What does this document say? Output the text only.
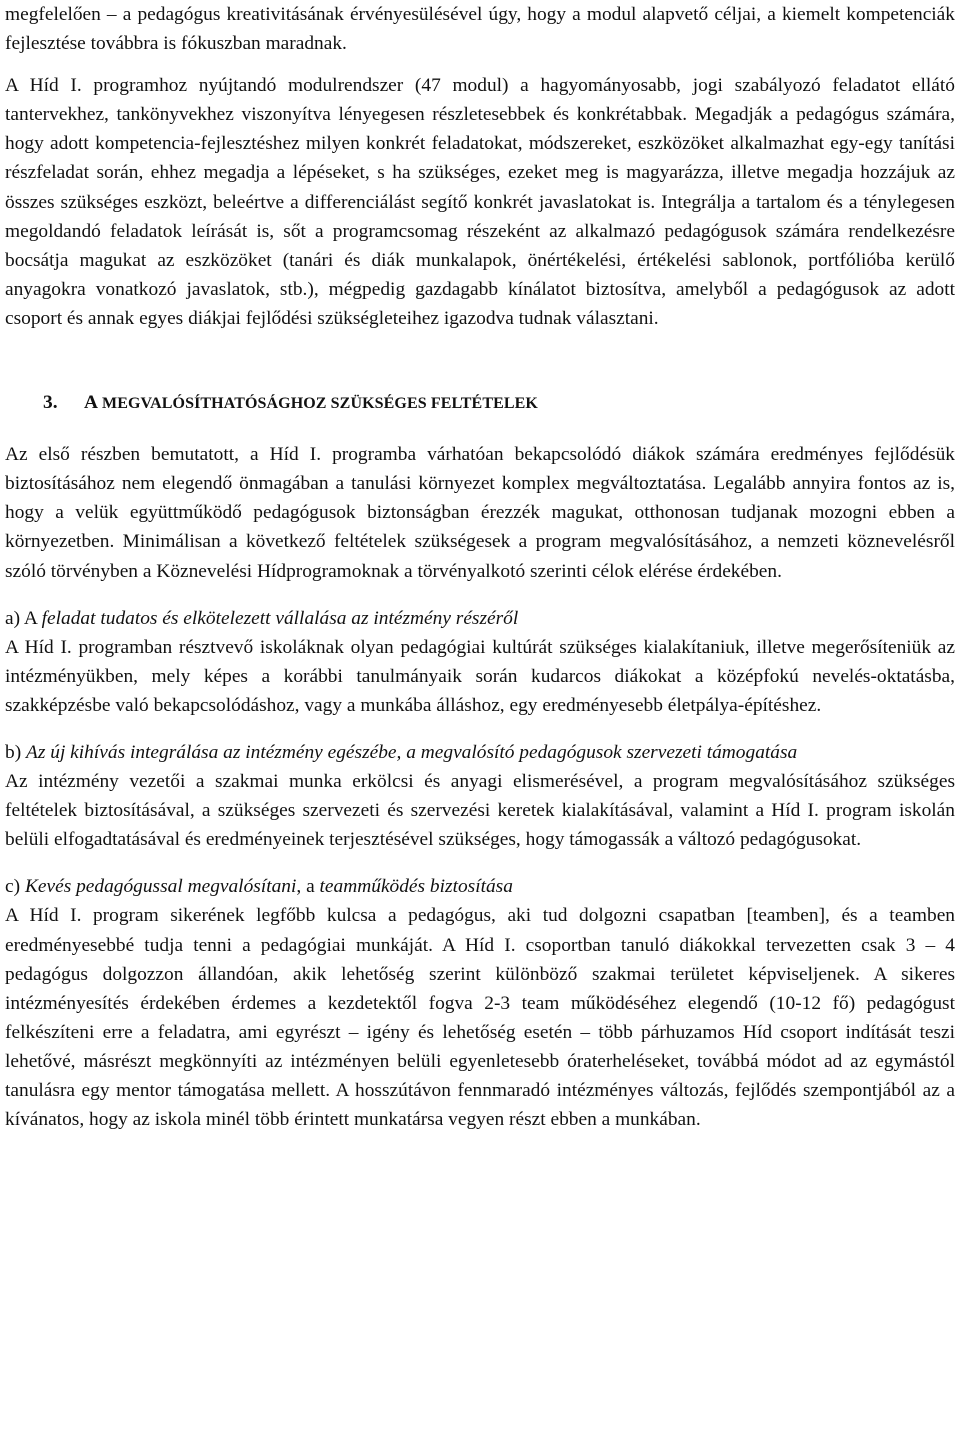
megfelelően – a pedagógus kreativitásának érvényesülésével úgy, hogy a modul alapvető céljai, a kiemelt kompetenciák fejlesztése továbbra is fókuszban maradnak.

A Híd I. programhoz nyújtandó modulrendszer (47 modul) a hagyományosabb, jogi szabályozó feladatot ellátó tantervekhez, tankönyvekhez viszonyítva lényegesen részletesebbek és konkrétabbak. Megadják a pedagógus számára, hogy adott kompetencia-fejlesztéshez milyen konkrét feladatokat, módszereket, eszközöket alkalmazhat egy-egy tanítási részfeladat során, ehhez megadja a lépéseket, s ha szükséges, ezeket meg is magyarázza, illetve megadja hozzájuk az összes szükséges eszközt, beleértve a differenciálást segítő konkrét javaslatokat is. Integrálja a tartalom és a ténylegesen megoldandó feladatok leírását is, sőt a programcsomag részeként az alkalmazó pedagógusok számára rendelkezésre bocsátja magukat az eszközöket (tanári és diák munkalapok, önértékelési, értékelési sablonok, portfólióba kerülő anyagokra vonatkozó javaslatok, stb.), mégpedig gazdagabb kínálatot biztosítva, amelyből a pedagógusok az adott csoport és annak egyes diákjai fejlődési szükségleteihez igazodva tudnak választani.

3. A MEGVALÓSÍTHATÓSÁGHOZ SZÜKSÉGES FELTÉTELEK

Az első részben bemutatott, a Híd I. programba várhatóan bekapcsolódó diákok számára eredményes fejlődésük biztosításához nem elegendő önmagában a tanulási környezet komplex megváltoztatása. Legalább annyira fontos az is, hogy a velük együttműködő pedagógusok biztonságban érezzék magukat, otthonosan tudjanak mozogni ebben a környezetben. Minimálisan a következő feltételek szükségesek a program megvalósításához, a nemzeti köznevelésről szóló törvényben a Köznevelési Hídprogramoknak a törvényalkotó szerinti célok elérése érdekében.

a) A feladat tudatos és elkötelezett vállalása az intézmény részéről

A Híd I. programban résztvevő iskoláknak olyan pedagógiai kultúrát szükséges kialakítaniuk, illetve megerősíteniük az intézményükben, mely képes a korábbi tanulmányaik során kudarcos diákokat a középfokú nevelés-oktatásba, szakképzésbe való bekapcsolódáshoz, vagy a munkába álláshoz, egy eredményesebb életpálya-építéshez.

b) Az új kihívás integrálása az intézmény egészébe, a megvalósító pedagógusok szervezeti támogatása

Az intézmény vezetői a szakmai munka erkölcsi és anyagi elismerésével, a program megvalósításához szükséges feltételek biztosításával, a szükséges szervezeti és szervezési keretek kialakításával, valamint a Híd I. program iskolán belüli elfogadtatásával és eredményeinek terjesztésével szükséges, hogy támogassák a változó pedagógusokat.

c) Kevés pedagógussal megvalósítani, a teamműködés biztosítása

A Híd I. program sikerének legfőbb kulcsa a pedagógus, aki tud dolgozni csapatban [teamben], és a teamben eredményesebbé tudja tenni a pedagógiai munkáját. A Híd I. csoportban tanuló diákokkal tervezetten csak 3 – 4 pedagógus dolgozzon állandóan, akik lehetőség szerint különböző szakmai területet képviseljenek. A sikeres intézményesítés érdekében érdemes a kezdetektől fogva 2-3 team működéséhez elegendő (10-12 fő) pedagógust felkészíteni erre a feladatra, ami egyrészt – igény és lehetőség esetén – több párhuzamos Híd csoport indítását teszi lehetővé, másrészt megkönnyíti az intézményen belüli egyenletesebb óraterheléseket, továbbá módot ad az egymástól tanulásra egy mentor támogatása mellett. A hosszútávon fennmaradó intézményes változás, fejlődés szempontjából az a kívánatos, hogy az iskola minél több érintett munkatársa vegyen részt ebben a munkában.
